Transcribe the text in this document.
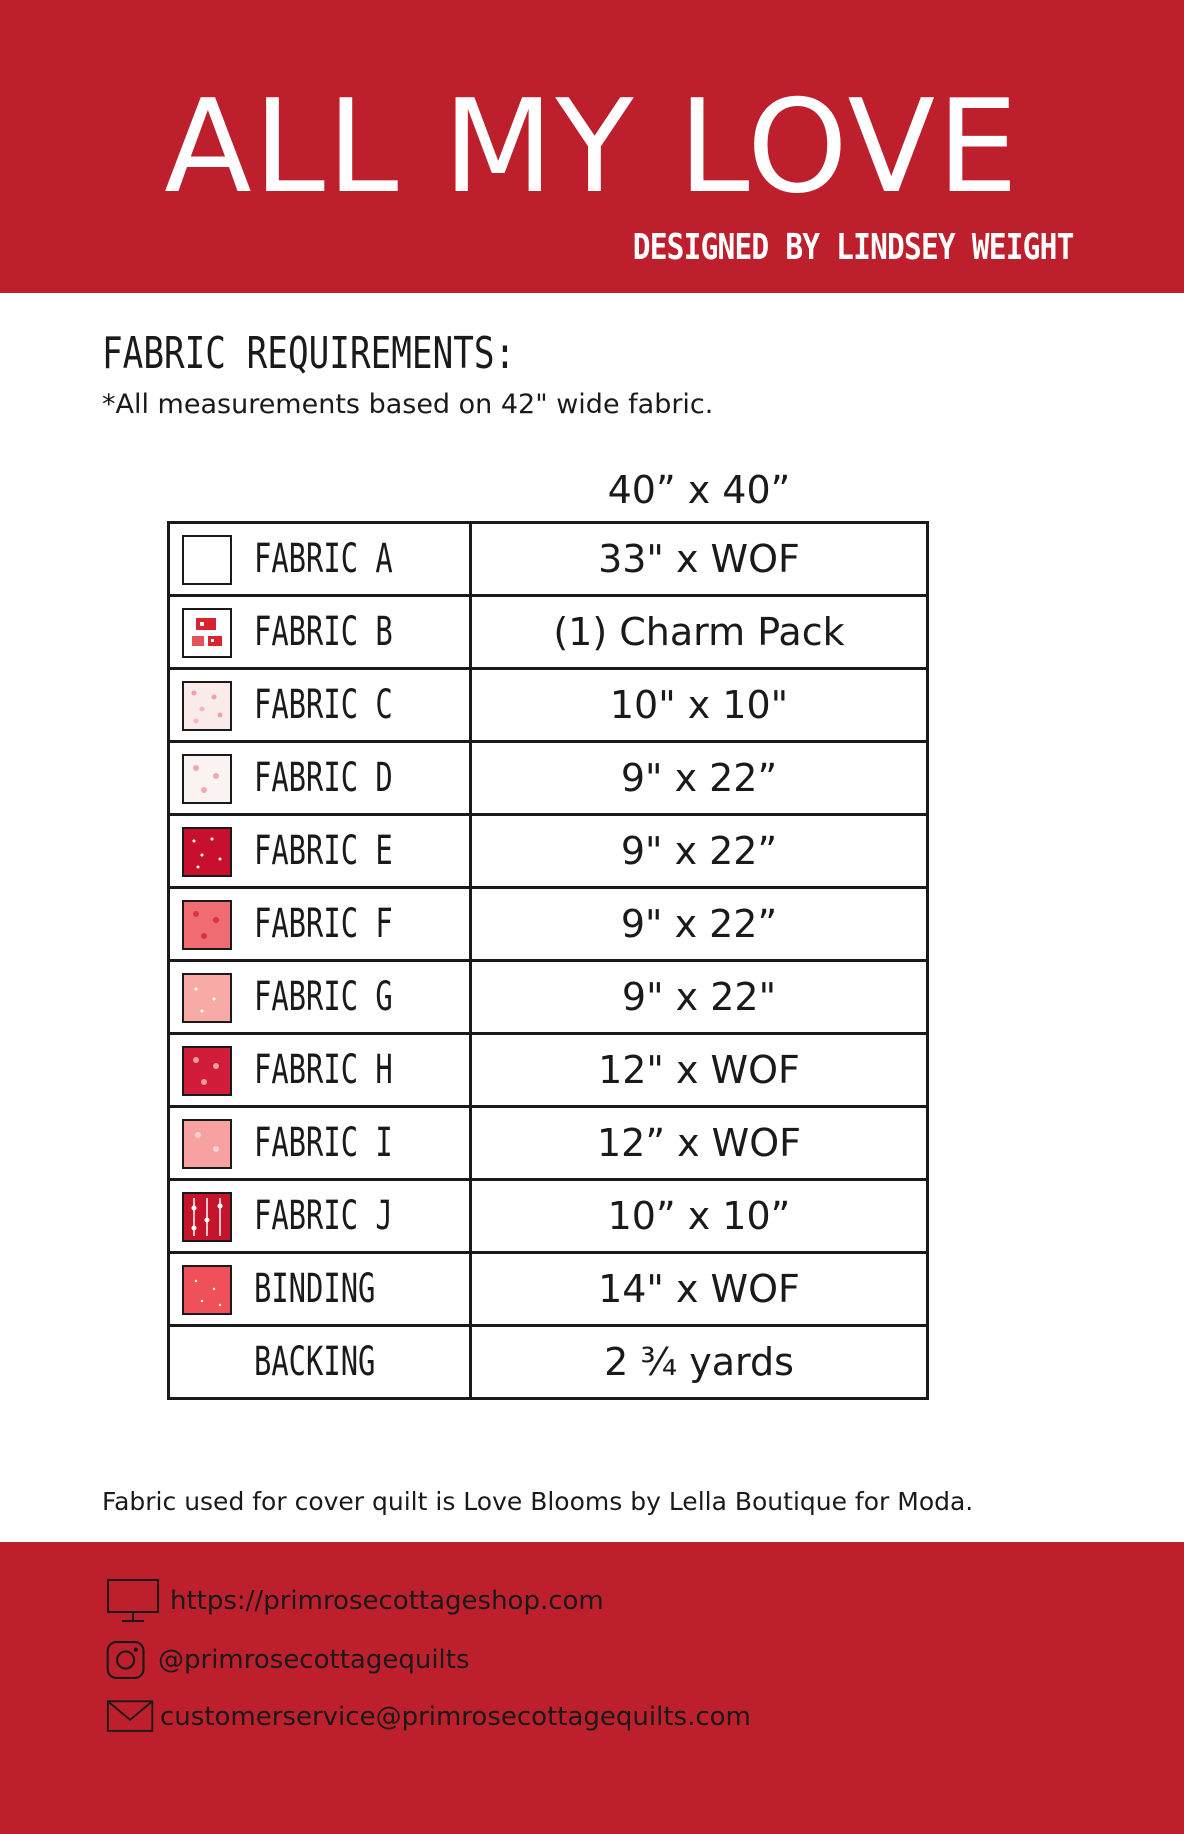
ALL MY LOVE

DESIGNED BY LINDSEY WEIGHT

FABRIC REQUIREMENTS:
*All measurements based on 42" wide fabric.
40” x 40”
FABRIC A	33" x WOF

FABRIC B	(1) Charm Pack

FABRIC C	10" x 10"

FABRIC D	9" x 22”

FABRIC E	9" x 22”

FABRIC F	9" x 22”

FABRIC G	9" x 22"

FABRIC H	12" x WOF

FABRIC I	12” x WOF

FABRIC J	10” x 10”

BINDING	14" x WOF

BACKING	2 ¾ yards
Fabric used for cover quilt is Love Blooms by Lella Boutique for Moda.
https://primrosecottageshop.com
@primrosecottagequilts
customerservice@primrosecottagequilts.com
